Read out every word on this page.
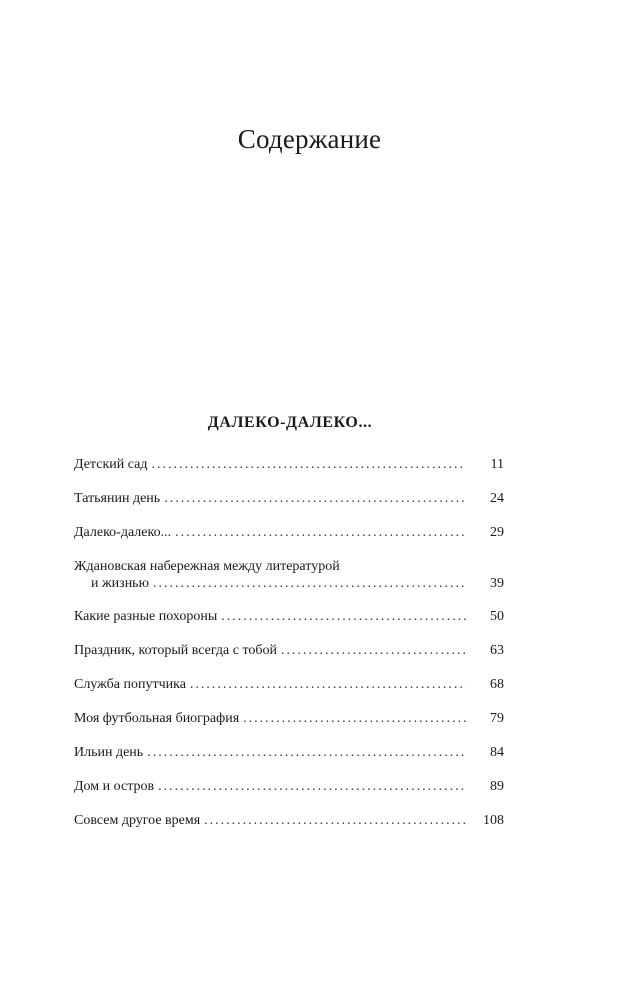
Содержание
ДАЛЕКО-ДАЛЕКО...
Детский сад .....	11
Татьянин день .....	24
Далеко-далеко... .....	29
Ждановская набережная между литературой
и жизнью .....	39
Какие разные похороны .....	50
Праздник, который всегда с тобой .....	63
Служба попутчика .....	68
Моя футбольная биография .....	79
Ильин день .....	84
Дом и остров .....	89
Совсем другое время .....	108
